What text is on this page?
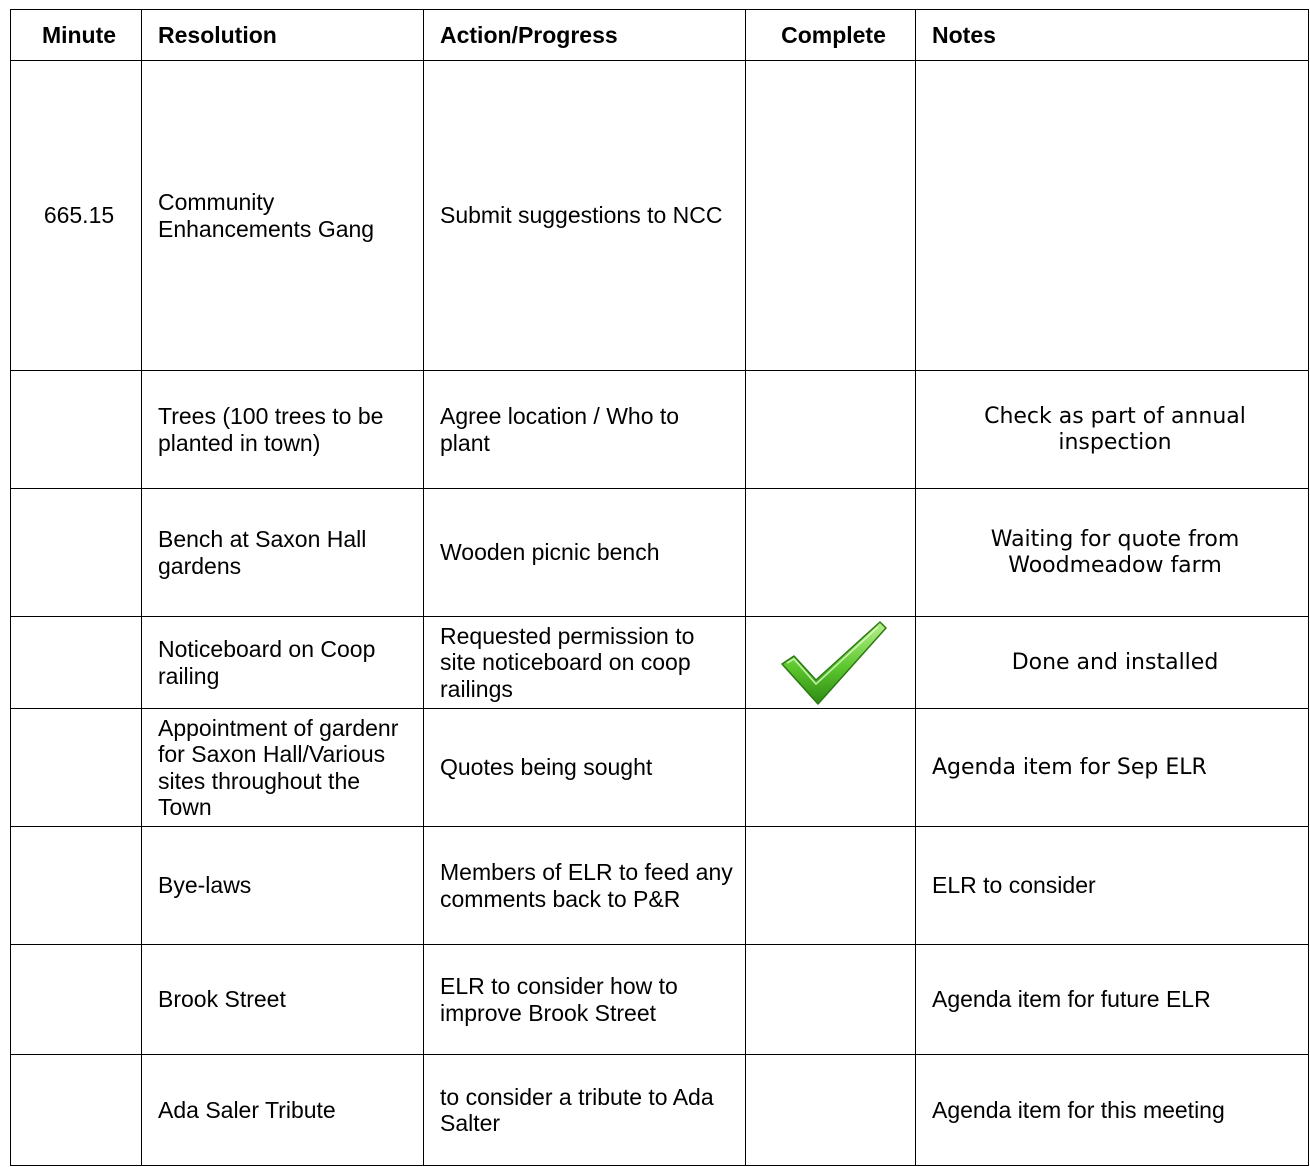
Minute	Resolution	Action/Progress	Complete	Notes
665.15	Community Enhancements Gang	Submit suggestions to NCC		
	Trees (100 trees to be planted in town)	Agree location / Who to plant		Check as part of annual inspection
	Bench at Saxon Hall gardens	Wooden picnic bench		Waiting for quote from Woodmeadow farm
	Noticeboard on Coop railing	Requested permission to site noticeboard on coop railings		Done and installed
	Appointment of gardenr for Saxon Hall/Various sites throughout the Town	Quotes being sought		Agenda item for Sep ELR
	Bye-laws	Members of ELR to feed any comments back to P&R		ELR to consider
	Brook Street	ELR to consider how to improve Brook Street		Agenda item for future ELR
	Ada Saler Tribute	to consider a tribute to Ada Salter		Agenda item for this meeting
